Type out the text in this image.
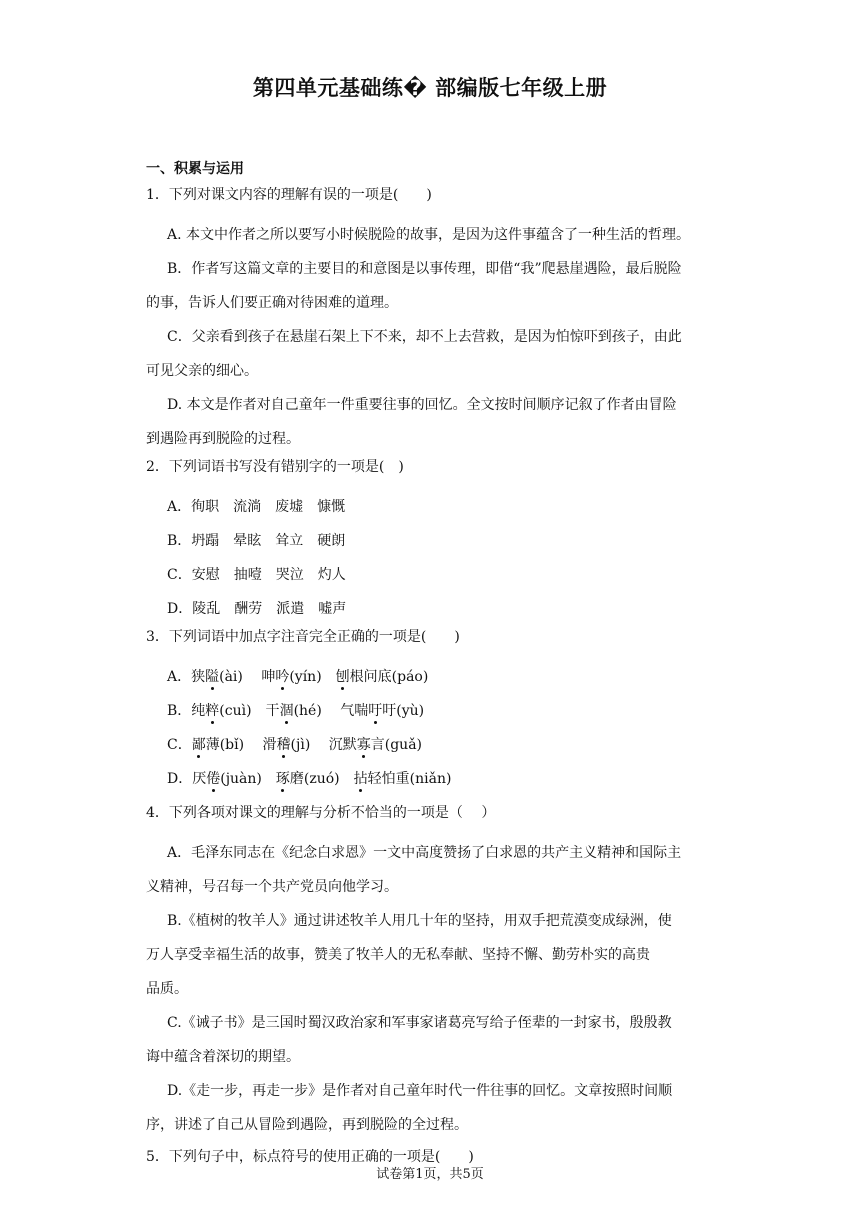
第四单元基础练� 部编版七年级上册
一、积累与运用

1．下列对课文内容的理解有误的一项是(　　)

A. 本文中作者之所以要写小时候脱险的故事，是因为这件事蕴含了一种生活的哲理。
B．作者写这篇文章的主要目的和意图是以事传理，即借“我”爬悬崖遇险，最后脱险
的事，告诉人们要正确对待困难的道理。
C．父亲看到孩子在悬崖石架上下不来，却不上去营救，是因为怕惊吓到孩子，由此
可见父亲的细心。
D. 本文是作者对自己童年一件重要往事的回忆。全文按时间顺序记叙了作者由冒险
到遇险再到脱险的过程。

2．下列词语书写没有错别字的一项是(　)

A．徇职　流淌　废墟　慷慨
B．坍蹋　晕眩　耸立　硬朗
C．安慰　抽噎　哭泣　灼人
D．陵乱　酬劳　派遣　嘘声

3．下列词语中加点字注音完全正确的一项是(　　)

A．狭隘(ài)　 呻吟(yín)　刨根问底(páo)
B．纯粹(cuì)　干涸(hé)　 气喘吁吁(yù)
C．鄙薄(bǐ)　 滑稽(jì)　 沉默寡言(guǎ)
D．厌倦(juàn)　琢磨(zuó)　拈轻怕重(niǎn)

4．下列各项对课文的理解与分析不恰当的一项是（　 ）

A．毛泽东同志在《纪念白求恩》一文中高度赞扬了白求恩的共产主义精神和国际主
义精神，号召每一个共产党员向他学习。
B.《植树的牧羊人》通过讲述牧羊人用几十年的坚持，用双手把荒漠变成绿洲，使
万人享受幸福生活的故事，赞美了牧羊人的无私奉献、坚持不懈、勤劳朴实的高贵
品质。
C.《诫子书》是三国时蜀汉政治家和军事家诸葛亮写给子侄辈的一封家书，殷殷教
诲中蕴含着深切的期望。
D.《走一步，再走一步》是作者对自己童年时代一件往事的回忆。文章按照时间顺
序，讲述了自己从冒险到遇险，再到脱险的全过程。

5．下列句子中，标点符号的使用正确的一项是(　　)

试卷第1页，共5页
